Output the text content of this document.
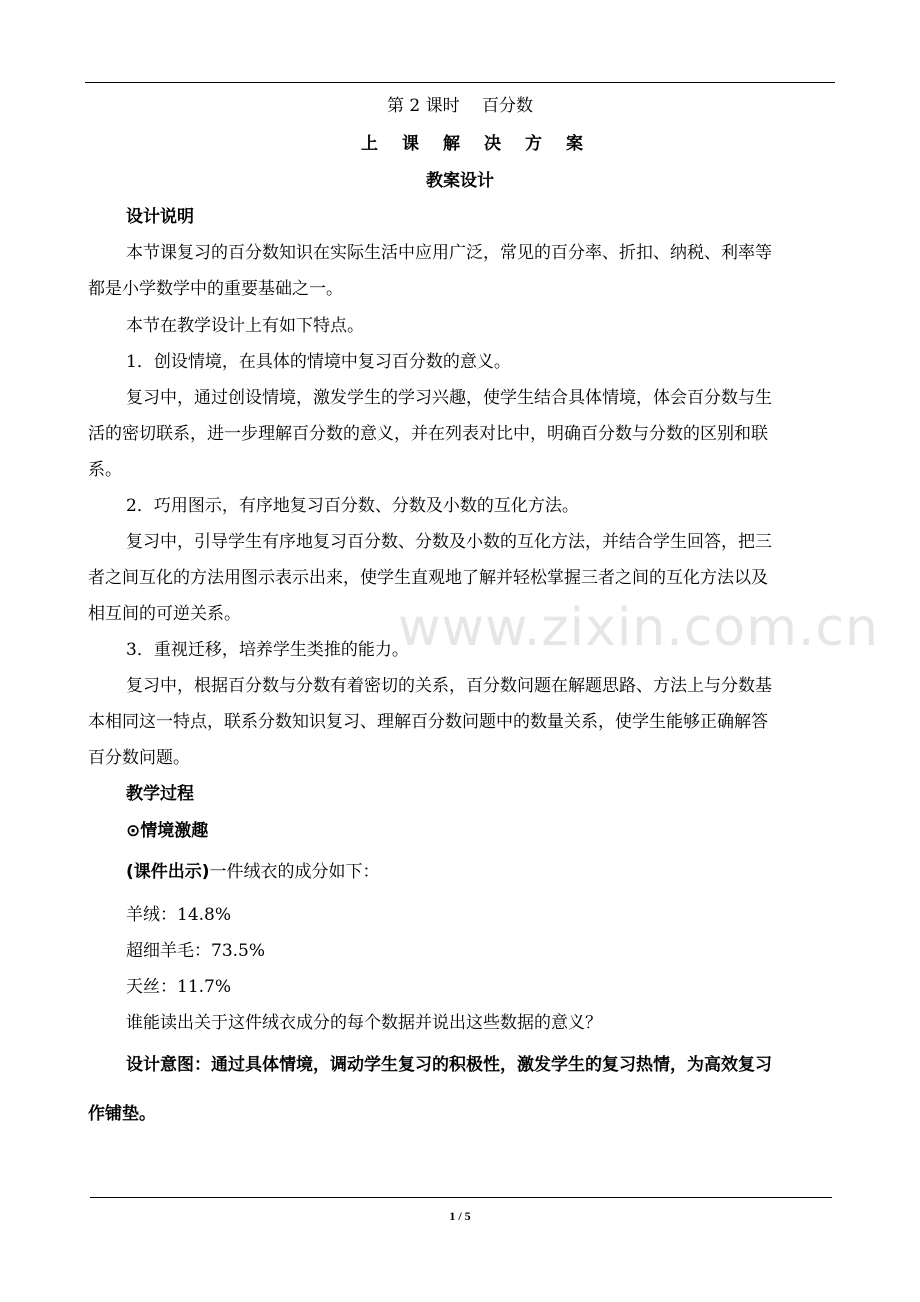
www.zixin.com.cn
第 2 课时　 百分数
上课解决方案
教案设计
设计说明
本节课复习的百分数知识在实际生活中应用广泛，常见的百分率、折扣、纳税、利率等
都是小学数学中的重要基础之一。
本节在教学设计上有如下特点。
1．创设情境，在具体的情境中复习百分数的意义。
复习中，通过创设情境，激发学生的学习兴趣，使学生结合具体情境，体会百分数与生
活的密切联系，进一步理解百分数的意义，并在列表对比中，明确百分数与分数的区别和联
系。
2．巧用图示，有序地复习百分数、分数及小数的互化方法。
复习中，引导学生有序地复习百分数、分数及小数的互化方法，并结合学生回答，把三
者之间互化的方法用图示表示出来，使学生直观地了解并轻松掌握三者之间的互化方法以及
相互间的可逆关系。
3．重视迁移，培养学生类推的能力。
复习中，根据百分数与分数有着密切的关系，百分数问题在解题思路、方法上与分数基
本相同这一特点，联系分数知识复习、理解百分数问题中的数量关系，使学生能够正确解答
百分数问题。
教学过程
⊙情境激趣
(课件出示)一件绒衣的成分如下：
羊绒：14.8%
超细羊毛：73.5%
天丝：11.7%
谁能读出关于这件绒衣成分的每个数据并说出这些数据的意义？
设计意图：通过具体情境，调动学生复习的积极性，激发学生的复习热情，为高效复习
作铺垫。
1 / 5
